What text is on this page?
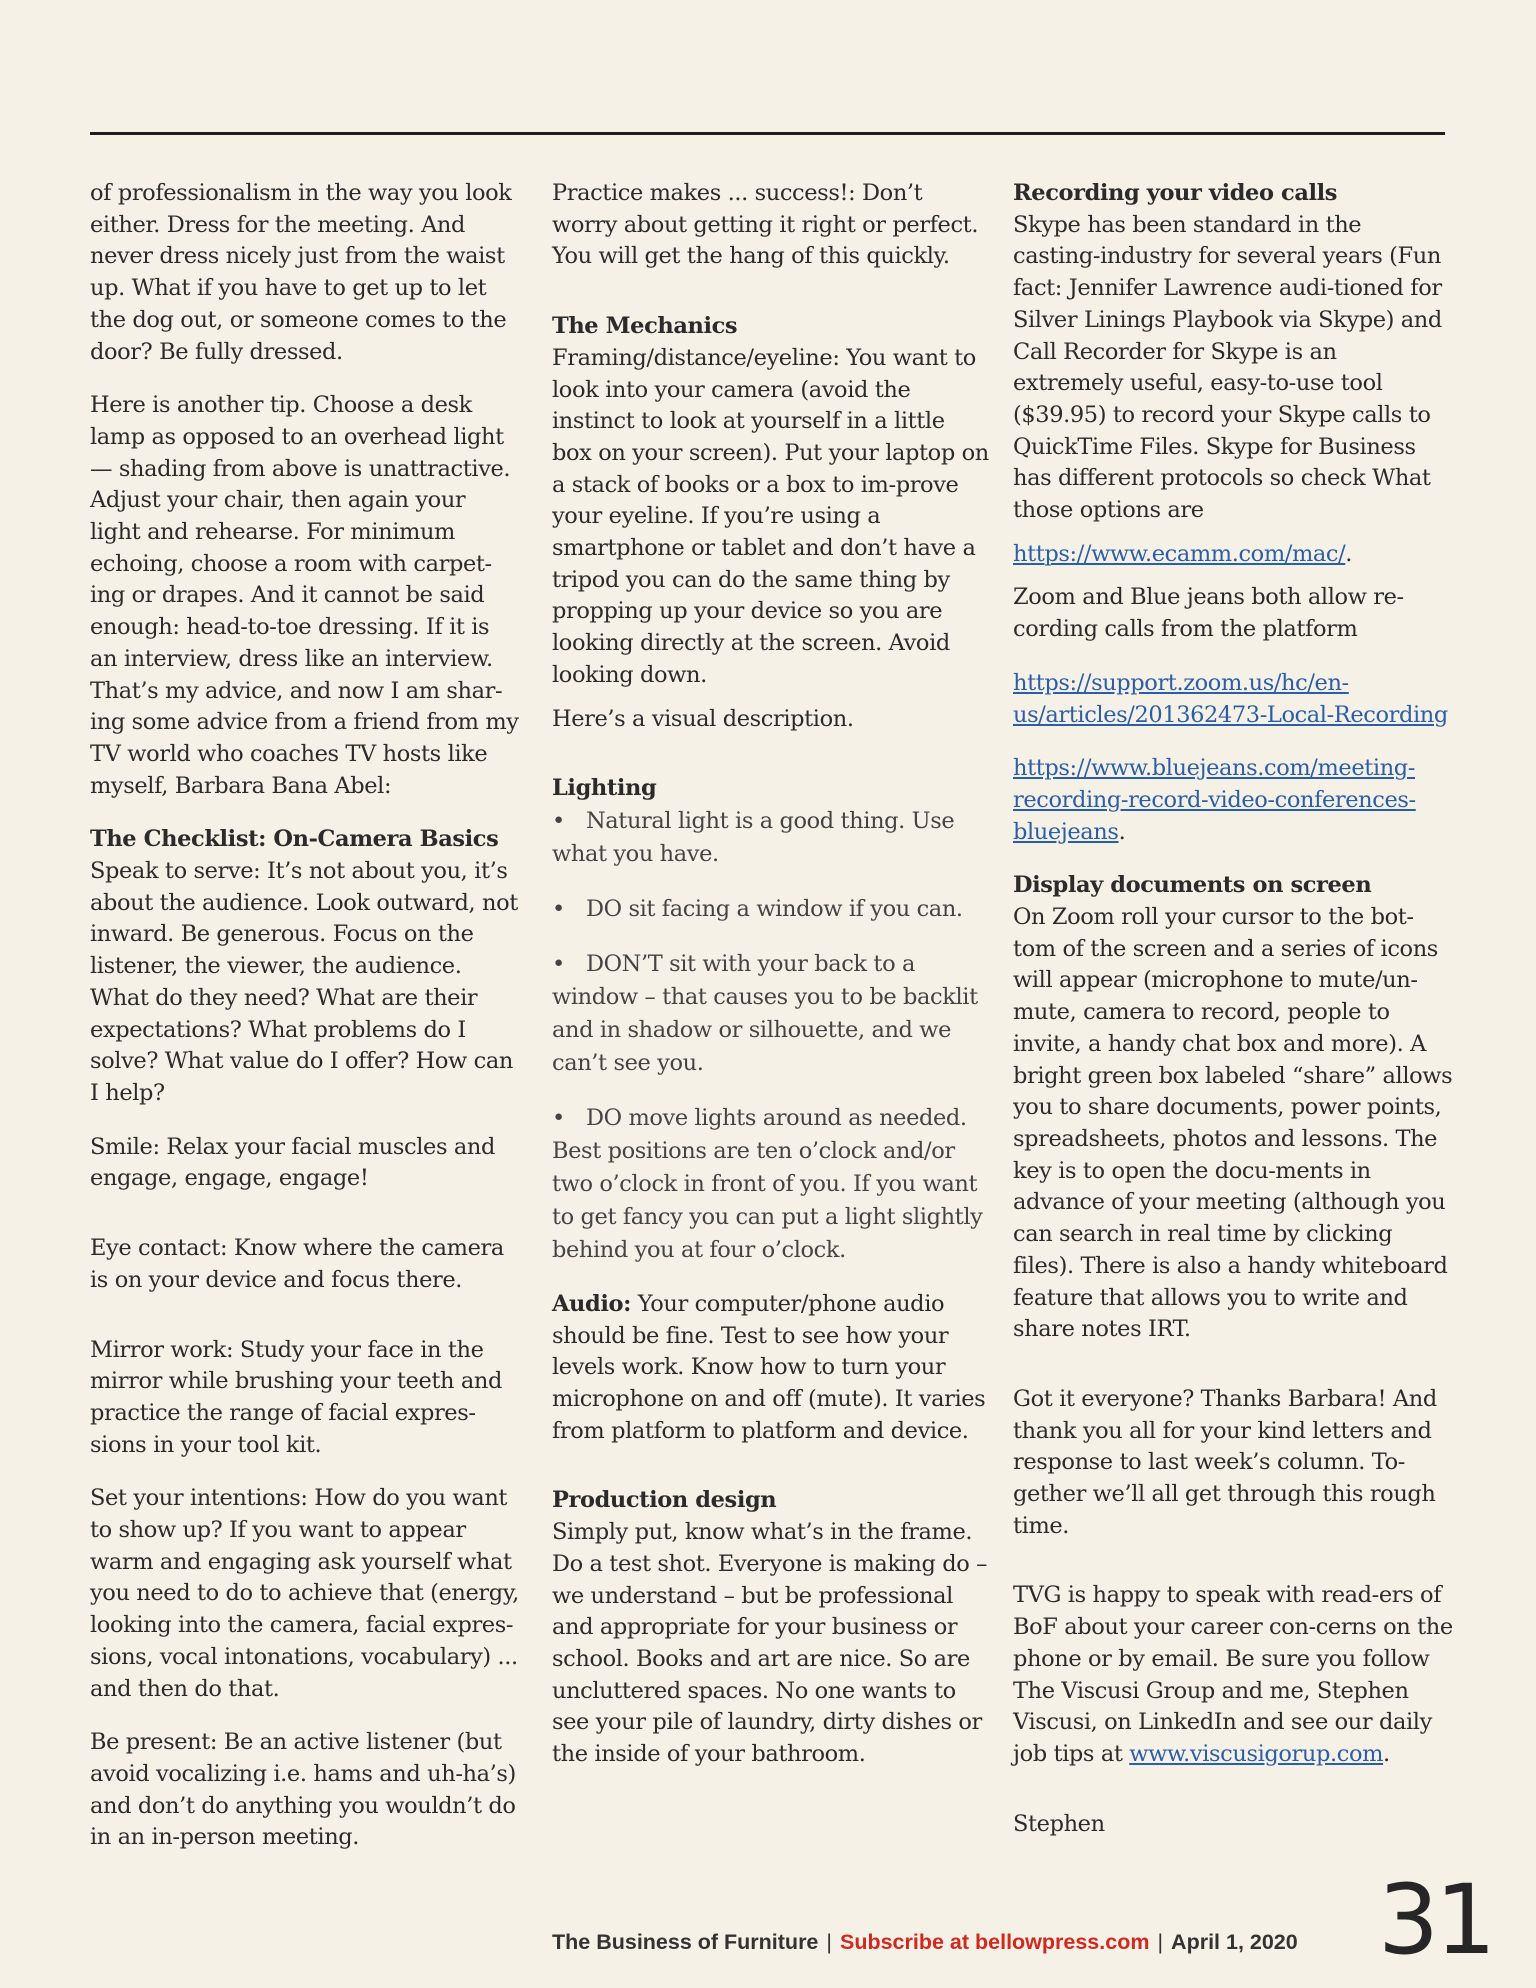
of professionalism in the way you look either. Dress for the meeting. And never dress nicely just from the waist up. What if you have to get up to let the dog out, or someone comes to the door? Be fully dressed.

Here is another tip. Choose a desk lamp as opposed to an overhead light — shading from above is unattractive. Adjust your chair, then again your light and rehearse. For minimum echoing, choose a room with carpet-ing or drapes. And it cannot be said enough: head-to-toe dressing. If it is an interview, dress like an interview. That’s my advice, and now I am shar-ing some advice from a friend from my TV world who coaches TV hosts like myself, Barbara Bana Abel:

The Checklist: On-Camera Basics

Speak to serve: It’s not about you, it’s about the audience. Look outward, not inward. Be generous. Focus on the listener, the viewer, the audience. What do they need? What are their expectations? What problems do I solve? What value do I offer? How can I help?

Smile: Relax your facial muscles and engage, engage, engage!

Eye contact: Know where the camera is on your device and focus there.

Mirror work: Study your face in the mirror while brushing your teeth and practice the range of facial expres-sions in your tool kit.

Set your intentions: How do you want to show up? If you want to appear warm and engaging ask yourself what you need to do to achieve that (energy, looking into the camera, facial expres-sions, vocal intonations, vocabulary) ... and then do that.

Be present: Be an active listener (but avoid vocalizing i.e. hams and uh-ha’s) and don’t do anything you wouldn’t do in an in-person meeting.

Practice makes ... success!: Don’t worry about getting it right or perfect. You will get the hang of this quickly.

The Mechanics

Framing/distance/eyeline: You want to look into your camera (avoid the instinct to look at yourself in a little box on your screen). Put your laptop on a stack of books or a box to im-prove your eyeline. If you’re using a smartphone or tablet and don’t have a tripod you can do the same thing by propping up your device so you are looking directly at the screen. Avoid looking down.

Here’s a visual description.

Lighting
• Natural light is a good thing. Use what you have.
• DO sit facing a window if you can.
• DON’T sit with your back to a window – that causes you to be backlit and in shadow or silhouette, and we can’t see you.
• DO move lights around as needed. Best positions are ten o’clock and/or two o’clock in front of you. If you want to get fancy you can put a light slightly behind you at four o’clock.

Audio: Your computer/phone audio should be fine. Test to see how your levels work. Know how to turn your microphone on and off (mute). It varies from platform to platform and device.

Production design

Simply put, know what’s in the frame. Do a test shot. Everyone is making do – we understand – but be professional and appropriate for your business or school. Books and art are nice. So are uncluttered spaces. No one wants to see your pile of laundry, dirty dishes or the inside of your bathroom.

Recording your video calls

Skype has been standard in the casting-industry for several years (Fun fact: Jennifer Lawrence audi-tioned for Silver Linings Playbook via Skype) and Call Recorder for Skype is an extremely useful, easy-to-use tool ($39.95) to record your Skype calls to QuickTime Files. Skype for Business has different protocols so check What those options are

https://www.ecamm.com/mac/.

Zoom and Blue jeans both allow re-cording calls from the platform

https://support.zoom.us/hc/en-us/articles/201362473-Local-Recording

https://www.bluejeans.com/meeting-recording-record-video-conferences-bluejeans.

Display documents on screen

On Zoom roll your cursor to the bot-tom of the screen and a series of icons will appear (microphone to mute/un-mute, camera to record, people to invite, a handy chat box and more). A bright green box labeled “share” allows you to share documents, power points, spreadsheets, photos and lessons. The key is to open the docu-ments in advance of your meeting (although you can search in real time by clicking files). There is also a handy whiteboard feature that allows you to write and share notes IRT.

Got it everyone? Thanks Barbara! And thank you all for your kind letters and response to last week’s column. To-gether we’ll all get through this rough time.

TVG is happy to speak with read-ers of BoF about your career con-cerns on the phone or by email. Be sure you follow The Viscusi Group and me, Stephen Viscusi, on LinkedIn and see our daily job tips at www.viscusigorup.com.

Stephen

The Business of Furniture | Subscribe at bellowpress.com | April 1, 2020 31
